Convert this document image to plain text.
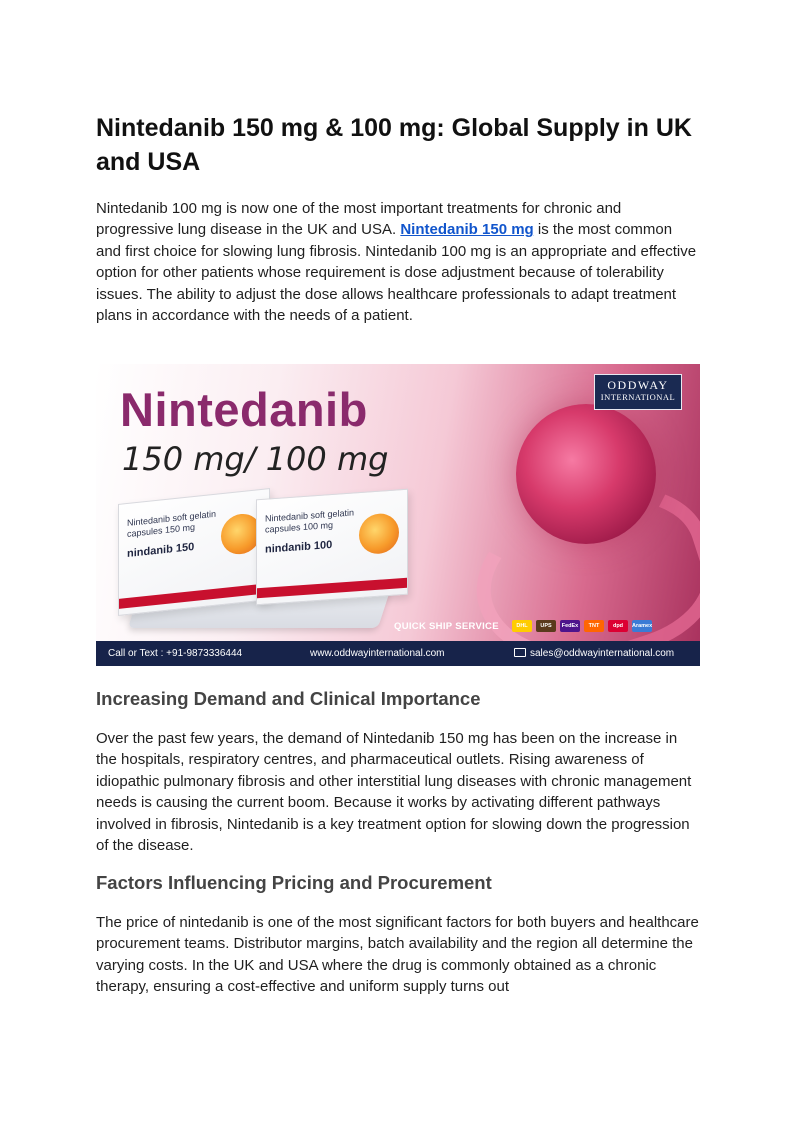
Nintedanib 150 mg & 100 mg: Global Supply in UK and USA

Nintedanib 100 mg is now one of the most important treatments for chronic and progressive lung disease in the UK and USA. Nintedanib 150 mg is the most common and first choice for slowing lung fibrosis. Nintedanib 100 mg is an appropriate and effective option for other patients whose requirement is dose adjustment because of tolerability issues. The ability to adjust the dose allows healthcare professionals to adapt treatment plans in accordance with the needs of a patient.

Nintedanib
150 mg/ 100 mg
ODDWAY
INTERNATIONAL
Nintedanib soft gelatin capsules 150 mg
nindanib 150
Nintedanib soft gelatin capsules 100 mg
nindanib 100
QUICK SHIP SERVICE	DHL	UPS	FedEx	TNT	dpd	Aramex
Call or Text : +91-9873336444	www.oddwayinternational.com	sales@oddwayinternational.com
Increasing Demand and Clinical Importance

Over the past few years, the demand of Nintedanib 150 mg has been on the increase in the hospitals, respiratory centres, and pharmaceutical outlets. Rising awareness of idiopathic pulmonary fibrosis and other interstitial lung diseases with chronic management needs is causing the current boom. Because it works by activating different pathways involved in fibrosis, Nintedanib is a key treatment option for slowing down the progression of the disease.

Factors Influencing Pricing and Procurement

The price of nintedanib is one of the most significant factors for both buyers and healthcare procurement teams. Distributor margins, batch availability and the region all determine the varying costs. In the UK and USA where the drug is commonly obtained as a chronic therapy, ensuring a cost-effective and uniform supply turns out
